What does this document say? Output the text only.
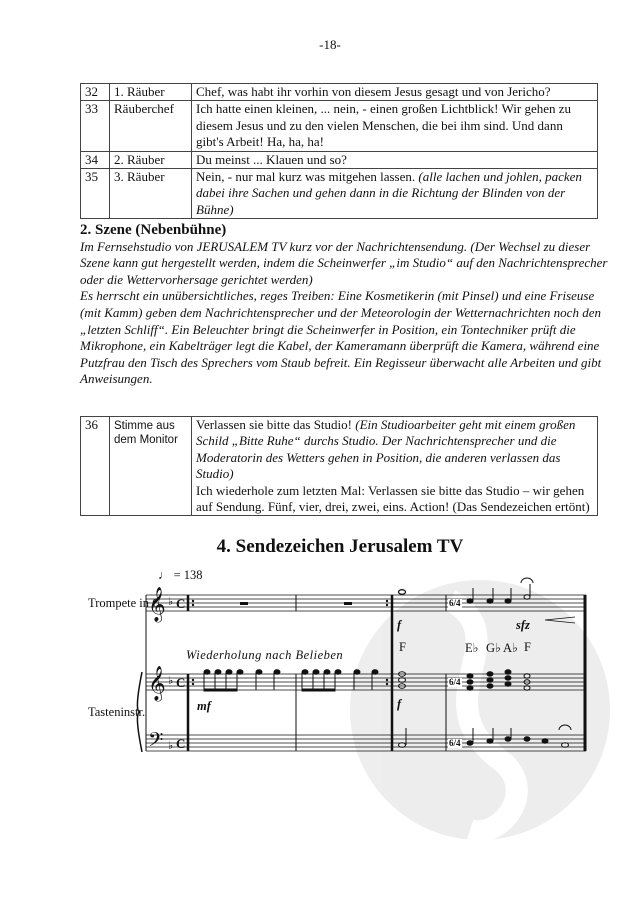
-18-
32	1. Räuber	Chef, was habt ihr vorhin von diesem Jesus gesagt und von Jericho?
33	Räuberchef	Ich hatte einen kleinen, ... nein, - einen großen Lichtblick! Wir gehen zu diesem Jesus und zu den vielen Menschen, die bei ihm sind. Und dann gibt's Arbeit! Ha, ha, ha!
34	2. Räuber	Du meinst ... Klauen und so?
35	3. Räuber	Nein, - nur mal kurz was mitgehen lassen. (alle lachen und johlen, packen dabei ihre Sachen und gehen dann in die Richtung der Blinden von der Bühne)
2. Szene (Nebenbühne)

Im Fernsehstudio von JERUSALEM TV kurz vor der Nachrichtensendung. (Der Wechsel zu dieser Szene kann gut hergestellt werden, indem die Scheinwerfer „im Studio“ auf den Nachrichtensprecher oder die Wettervorhersage gerichtet werden)

Es herrscht ein unübersichtliches, reges Treiben: Eine Kosmetikerin (mit Pinsel) und eine Friseuse (mit Kamm) geben dem Nachrichtensprecher und der Meteorologin der Wetternachrichten noch den „letzten Schliff“. Ein Beleuchter bringt die Scheinwerfer in Position, ein Tontechniker prüft die Mikrophone, ein Kabelträger legt die Kabel, der Kameramann überprüft die Kamera, während eine Putzfrau den Tisch des Sprechers vom Staub befreit. Ein Regisseur überwacht alle Arbeiten und gibt Anweisungen.

36	Stimme aus dem Monitor	Verlassen sie bitte das Studio! (Ein Studioarbeiter geht mit einem großen Schild „Bitte Ruhe“ durchs Studio. Der Nachrichtensprecher und die Moderatorin des Wetters gehen in Position, die anderen verlassen das Studio)
Ich wiederhole zum letzten Mal: Verlassen sie bitte das Studio – wir gehen auf Sendung. Fünf, vier, drei, zwei, eins. Action! (Das Sendezeichen ertönt)
4. Sendezeichen Jerusalem TV
Trompete in C
Tasteninstr.
♩ = 138
Wiederholung nach Belieben
F	E♭ G♭ A♭ F
mf
f
f
sfz
6/4
6/4
6/4
𝄞
𝄞
𝄢
♭
♭
♭
C
C
C
